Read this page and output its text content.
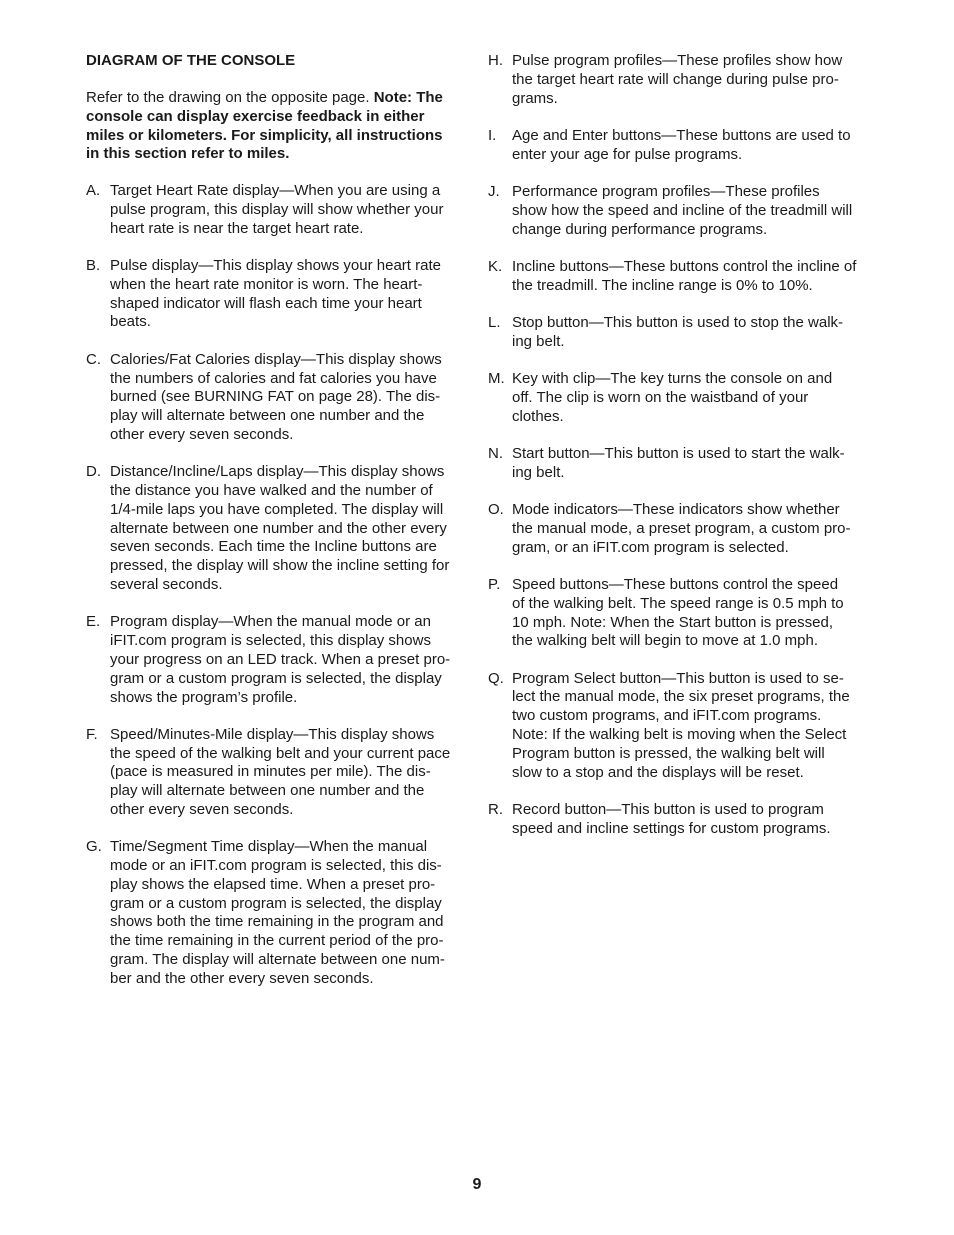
DIAGRAM OF THE CONSOLE
Refer to the drawing on the opposite page. Note: The
console can display exercise feedback in either
miles or kilometers. For simplicity, all instructions
in this section refer to miles.
A. Target Heart Rate display—When you are using a
pulse program, this display will show whether your
heart rate is near the target heart rate.
B. Pulse display—This display shows your heart rate
when the heart rate monitor is worn. The heart-
shaped indicator will flash each time your heart
beats.
C. Calories/Fat Calories display—This display shows
the numbers of calories and fat calories you have
burned (see BURNING FAT on page 28). The dis-
play will alternate between one number and the
other every seven seconds.
D. Distance/Incline/Laps display—This display shows
the distance you have walked and the number of
1/4-mile laps you have completed. The display will
alternate between one number and the other every
seven seconds. Each time the Incline buttons are
pressed, the display will show the incline setting for
several seconds.
E. Program display—When the manual mode or an
iFIT.com program is selected, this display shows
your progress on an LED track. When a preset pro-
gram or a custom program is selected, the display
shows the program’s profile.
F. Speed/Minutes-Mile display—This display shows
the speed of the walking belt and your current pace
(pace is measured in minutes per mile). The dis-
play will alternate between one number and the
other every seven seconds.
G. Time/Segment Time display—When the manual
mode or an iFIT.com program is selected, this dis-
play shows the elapsed time. When a preset pro-
gram or a custom program is selected, the display
shows both the time remaining in the program and
the time remaining in the current period of the pro-
gram. The display will alternate between one num-
ber and the other every seven seconds.
H. Pulse program profiles—These profiles show how
the target heart rate will change during pulse pro-
grams.
I. Age and Enter buttons—These buttons are used to
enter your age for pulse programs.
J. Performance program profiles—These profiles
show how the speed and incline of the treadmill will
change during performance programs.
K. Incline buttons—These buttons control the incline of
the treadmill. The incline range is 0% to 10%.
L. Stop button—This button is used to stop the walk-
ing belt.
M. Key with clip—The key turns the console on and
off. The clip is worn on the waistband of your
clothes.
N. Start button—This button is used to start the walk-
ing belt.
O. Mode indicators—These indicators show whether
the manual mode, a preset program, a custom pro-
gram, or an iFIT.com program is selected.
P. Speed buttons—These buttons control the speed
of the walking belt. The speed range is 0.5 mph to
10 mph. Note: When the Start button is pressed,
the walking belt will begin to move at 1.0 mph.
Q. Program Select button—This button is used to se-
lect the manual mode, the six preset programs, the
two custom programs, and iFIT.com programs.
Note: If the walking belt is moving when the Select
Program button is pressed, the walking belt will
slow to a stop and the displays will be reset.
R. Record button—This button is used to program
speed and incline settings for custom programs.
9
